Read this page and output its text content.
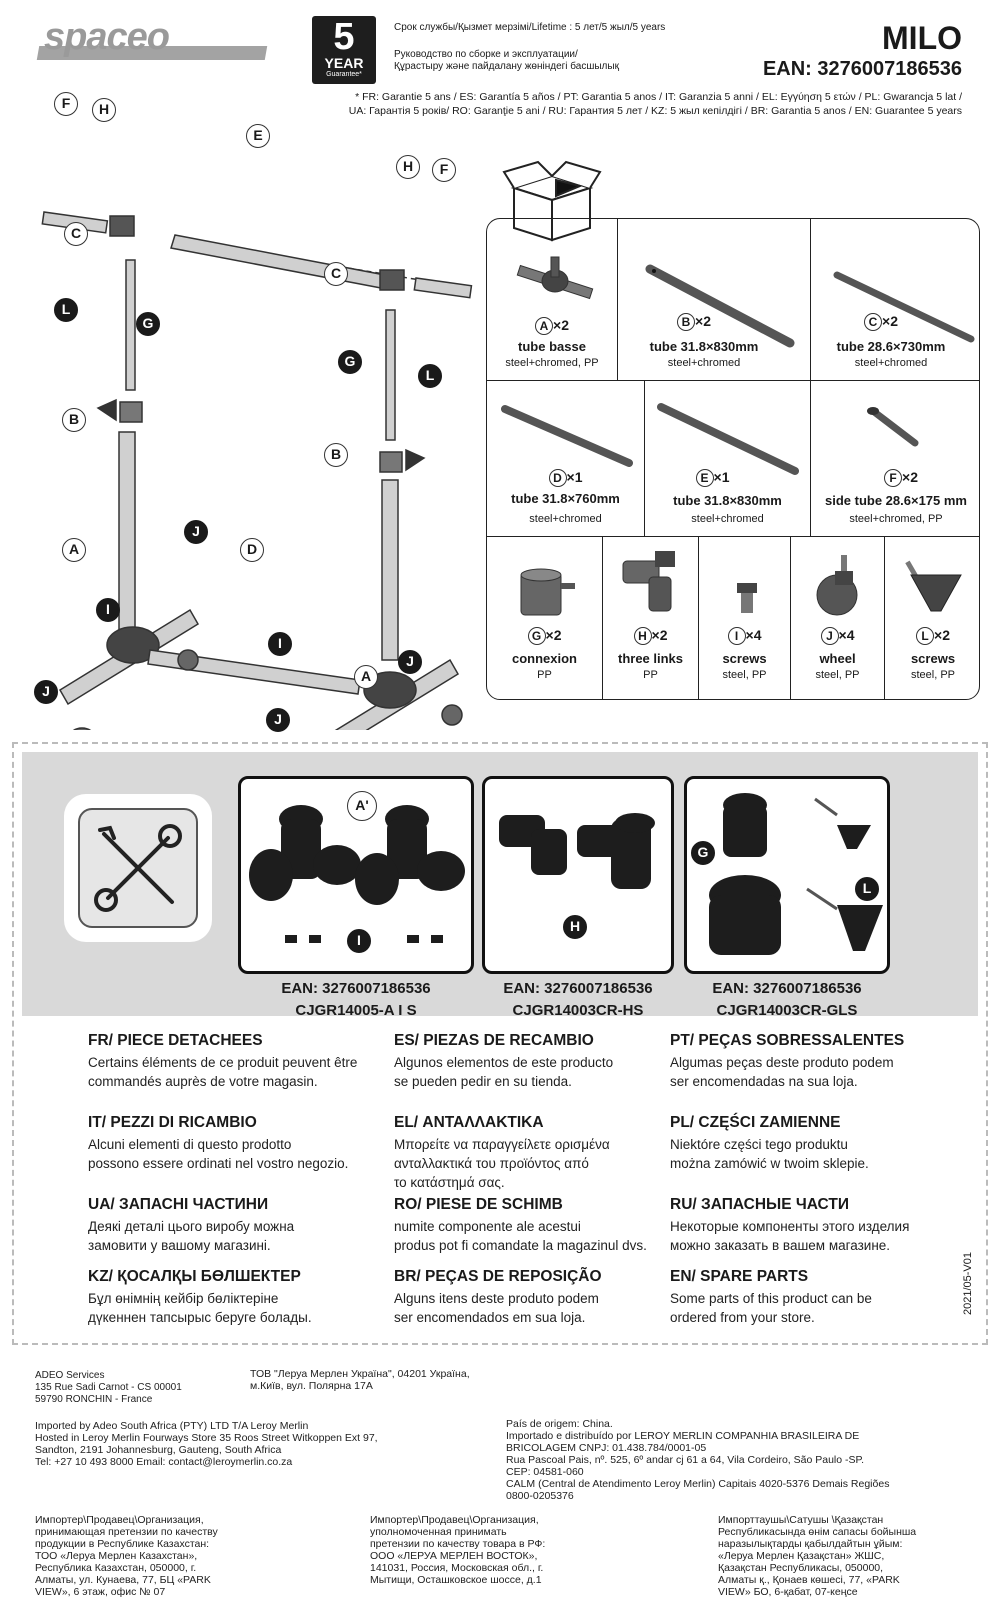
spaceo	5
YEAR
Guarantee*
Срок службы/Қызмет мерзімі/Lifetime : 5 лет/5 жыл/5 years
Руководство по сборке и эксплуатации/
Құрастыру және пайдалану жөніндегі басшылық
MILO
EAN: 3276007186536
* FR: Garantie 5 ans / ES: Garantía 5 años / PT: Garantia 5 anos / IT: Garanzia 5 anni / EL: Εγγύηση 5 ετών / PL: Gwarancja 5 lat /
UA: Гарантія 5 років/ RO: Garanţie 5 ani / RU: Гарантия 5 лет / KZ: 5 жыл кепілдігі / BR: Garantia 5 anos / EN: Guarantee 5 years
F	H
E
H	F
C
C
L
G
G
L
B
B
A
J
D
I
I
J
A
J
J
A ×2
tube basse
steel+chromed, PP
B ×2
tube 31.8×830mm
steel+chromed
C ×2
tube 28.6×730mm
steel+chromed
D ×1
tube 31.8×760mm
steel+chromed
E ×1
tube 31.8×830mm
steel+chromed
F ×2
side tube 28.6×175 mm
steel+chromed, PP
G ×2
connexion
PP
H ×2
three links
PP
I ×4
screws
steel, PP
J ×4
wheel
steel, PP
L ×2
screws
steel, PP
A'
I
H
G
L
EAN: 3276007186536
CJGR14005-A I S
EAN: 3276007186536
CJGR14003CR-HS
EAN: 3276007186536
CJGR14003CR-GLS
FR/ PIECE DETACHEES

Certains éléments de ce produit peuvent être

commandés auprès de votre magasin.

ES/ PIEZAS DE RECAMBIO

Algunos elementos de este producto

se pueden pedir en su tienda.

PT/ PEÇAS SOBRESSALENTES

Algumas peças deste produto podem

ser encomendadas na sua loja.

IT/ PEZZI DI RICAMBIO

Alcuni elementi di questo prodotto

possono essere ordinati nel vostro negozio.

EL/ ΑΝΤΑΛΛΑΚΤΙΚΑ

Μπορείτε να παραγγείλετε ορισμένα

ανταλλακτικά του προϊόντος από

το κατάστημά σας.

PL/ CZĘŚCI ZAMIENNE

Niektóre części tego produktu

można zamówić w twoim sklepie.

UA/ ЗАПАСНІ ЧАСТИНИ

Деякі деталі цього виробу можна

замовити у вашому магазині.

RO/ PIESE DE SCHIMB

numite componente ale acestui

produs pot fi comandate la magazinul dvs.

RU/ ЗАПАСНЫЕ ЧАСТИ

Некоторые компоненты этого изделия

можно заказать в вашем магазине.

KZ/ ҚОСАЛҚЫ БӨЛШЕКТЕР

Бұл өнімнің кейбір бөліктеріне

дүкеннен тапсырыс беруге болады.

BR/ PEÇAS DE REPOSIÇÃO

Alguns itens deste produto podem

ser encomendados em sua loja.

EN/ SPARE PARTS

Some parts of this product can be

ordered from your store.

2021/05-V01
ADEO Services
135 Rue Sadi Carnot - CS 00001
59790 RONCHIN - France
ТОВ "Леруа Мерлен Україна", 04201 Україна,
м.Київ, вул. Полярна 17А
Imported by Adeo South Africa (PTY) LTD T/A Leroy Merlin
Hosted in Leroy Merlin Fourways Store 35 Roos Street Witkoppen Ext 97,
Sandton, 2191 Johannesburg, Gauteng, South Africa
Tel: +27 10 493 8000 Email: contact@leroymerlin.co.za
País de origem: China.
Importado e distribuído por LEROY MERLIN COMPANHIA BRASILEIRA DE
BRICOLAGEM CNPJ: 01.438.784/0001-05
Rua Pascoal Pais, nº. 525, 6º andar cj 61 a 64, Vila Cordeiro, São Paulo -SP.
CEP: 04581-060
CALM (Central de Atendimento Leroy Merlin) Capitais 4020-5376 Demais Regiões
0800-0205376
Импортер\Продавец\Организация,
принимающая претензии по качеству
продукции в Республике Казахстан:
ТОО «Леруа Мерлен Казахстан»,
Республика Казахстан, 050000, г.
Алматы, ул. Кунаева, 77, БЦ «PARK
VIEW», 6 этаж, офис № 07
Импортер\Продавец\Организация,
уполномоченная принимать
претензии по качеству товара в РФ:
ООО «ЛЕРУА МЕРЛЕН ВОСТОК»,
141031, Россия, Московская обл., г.
Мытищи, Осташковское шоссе, д.1
Импорттаушы\Сатушы \Қазақстан
Республикасында өнім сапасы бойынша
наразылықтарды қабылдайтын ұйым:
«Леруа Мерлен Қазақстан» ЖШС,
Қазақстан Республикасы, 050000,
Алматы қ., Қонаев көшесі, 77, «PARK
VIEW» БО, 6-қабат, 07-кеңсе
